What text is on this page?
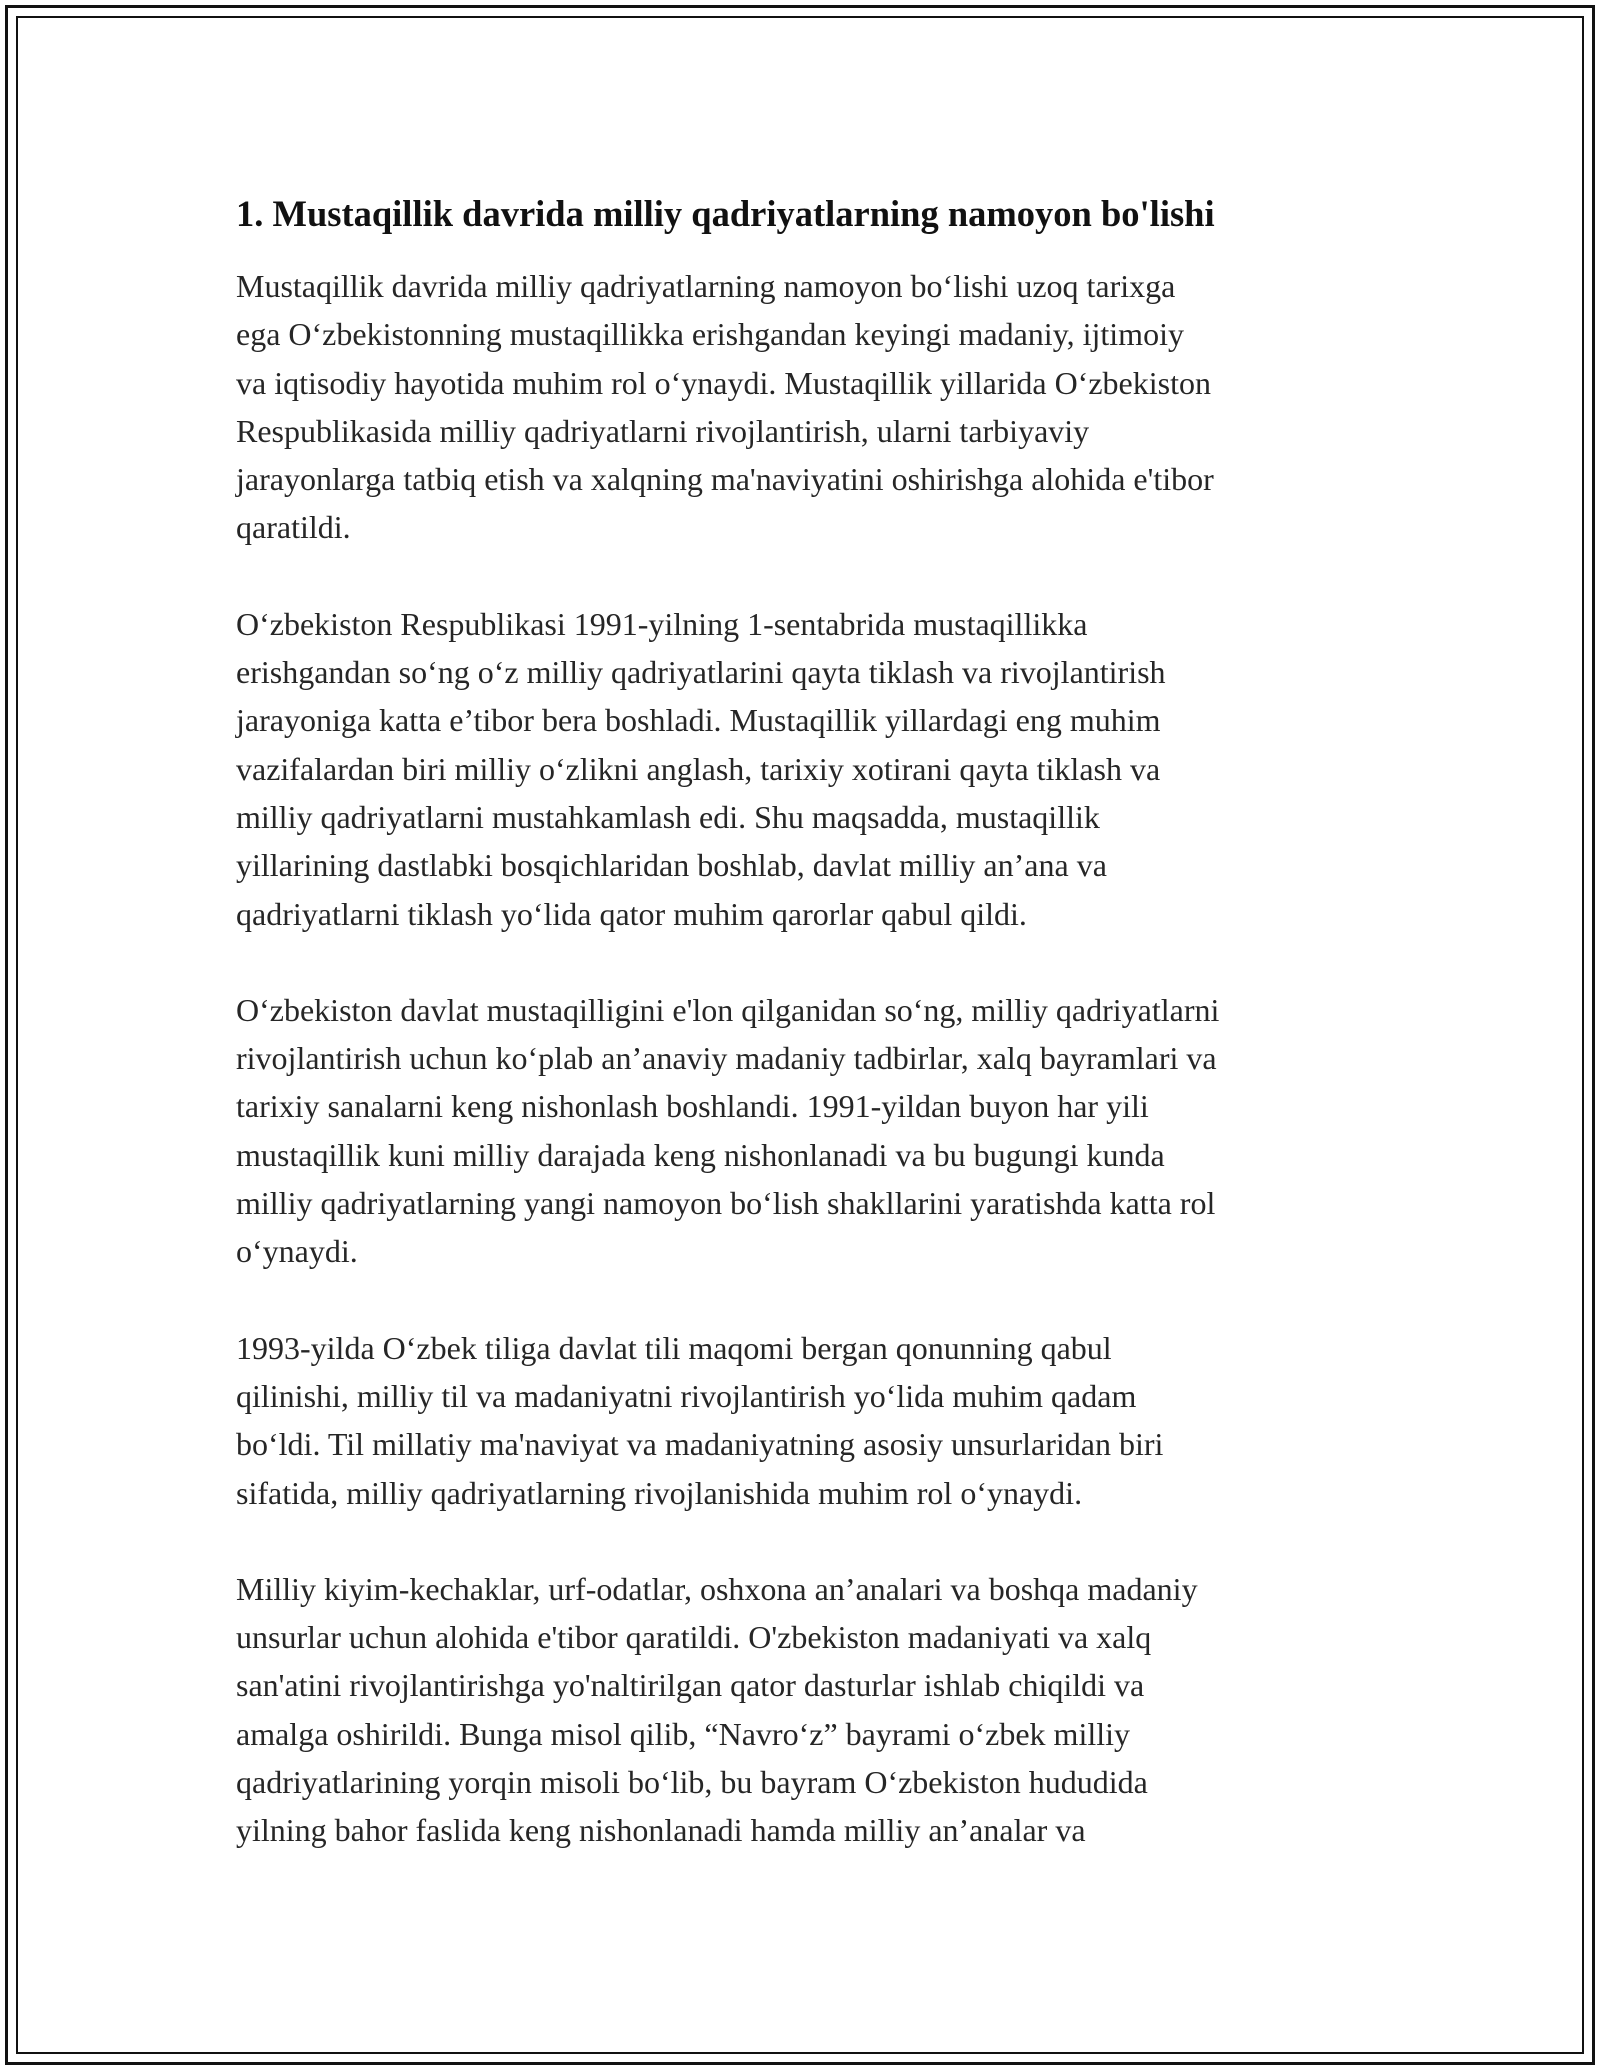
1. Mustaqillik davrida milliy qadriyatlarning namoyon bo'lishi

Mustaqillik davrida milliy qadriyatlarning namoyon bo‘lishi uzoq tarixga
ega O‘zbekistonning mustaqillikka erishgandan keyingi madaniy, ijtimoiy
va iqtisodiy hayotida muhim rol o‘ynaydi. Mustaqillik yillarida O‘zbekiston
Respublikasida milliy qadriyatlarni rivojlantirish, ularni tarbiyaviy
jarayonlarga tatbiq etish va xalqning ma'naviyatini oshirishga alohida e'tibor
qaratildi.

O‘zbekiston Respublikasi 1991-yilning 1-sentabrida mustaqillikka
erishgandan so‘ng o‘z milliy qadriyatlarini qayta tiklash va rivojlantirish
jarayoniga katta e’tibor bera boshladi. Mustaqillik yillardagi eng muhim
vazifalardan biri milliy o‘zlikni anglash, tarixiy xotirani qayta tiklash va
milliy qadriyatlarni mustahkamlash edi. Shu maqsadda, mustaqillik
yillarining dastlabki bosqichlaridan boshlab, davlat milliy an’ana va
qadriyatlarni tiklash yo‘lida qator muhim qarorlar qabul qildi.

O‘zbekiston davlat mustaqilligini e'lon qilganidan so‘ng, milliy qadriyatlarni
rivojlantirish uchun ko‘plab an’anaviy madaniy tadbirlar, xalq bayramlari va
tarixiy sanalarni keng nishonlash boshlandi. 1991-yildan buyon har yili
mustaqillik kuni milliy darajada keng nishonlanadi va bu bugungi kunda
milliy qadriyatlarning yangi namoyon bo‘lish shakllarini yaratishda katta rol
o‘ynaydi.

1993-yilda O‘zbek tiliga davlat tili maqomi bergan qonunning qabul
qilinishi, milliy til va madaniyatni rivojlantirish yo‘lida muhim qadam
bo‘ldi. Til millatiy ma'naviyat va madaniyatning asosiy unsurlaridan biri
sifatida, milliy qadriyatlarning rivojlanishida muhim rol o‘ynaydi.

Milliy kiyim-kechaklar, urf-odatlar, oshxona an’analari va boshqa madaniy
unsurlar uchun alohida e'tibor qaratildi. O'zbekiston madaniyati va xalq
san'atini rivojlantirishga yo'naltirilgan qator dasturlar ishlab chiqildi va
amalga oshirildi. Bunga misol qilib, “Navro‘z” bayrami o‘zbek milliy
qadriyatlarining yorqin misoli bo‘lib, bu bayram O‘zbekiston hududida
yilning bahor faslida keng nishonlanadi hamda milliy an’analar va
